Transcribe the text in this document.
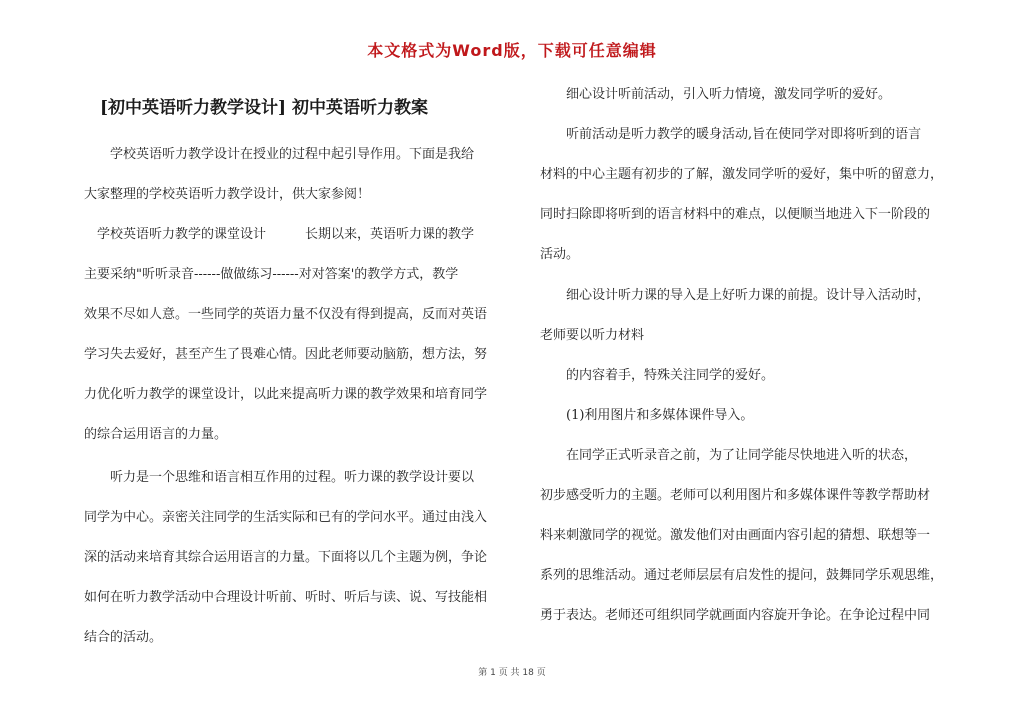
本文格式为Word版，下载可任意编辑
[初中英语听力教学设计] 初中英语听力教案
　　学校英语听力教学设计在授业的过程中起引导作用。下面是我给
大家整理的学校英语听力教学设计，供大家参阅！
　学校英语听力教学的课堂设计　　　长期以来，英语听力课的教学
主要采纳"听听录音------做做练习------对对答案'的教学方式，教学
效果不尽如人意。一些同学的英语力量不仅没有得到提高，反而对英语
学习失去爱好，甚至产生了畏难心情。因此老师要动脑筋，想方法，努
力优化听力教学的课堂设计，以此来提高听力课的教学效果和培育同学
的综合运用语言的力量。
　　听力是一个思维和语言相互作用的过程。听力课的教学设计要以
同学为中心。亲密关注同学的生活实际和已有的学问水平。通过由浅入
深的活动来培育其综合运用语言的力量。下面将以几个主题为例，争论
如何在听力教学活动中合理设计听前、听时、听后与读、说、写技能相
结合的活动。
　　细心设计听前活动，引入听力情境，激发同学听的爱好。
　　听前活动是听力教学的暖身活动,旨在使同学对即将听到的语言
材料的中心主题有初步的了解，激发同学听的爱好，集中听的留意力，
同时扫除即将听到的语言材料中的难点，以便顺当地进入下一阶段的
活动。
　　细心设计听力课的导入是上好听力课的前提。设计导入活动时，
老师要以听力材料
　　的内容着手，特殊关注同学的爱好。
　　(1)利用图片和多媒体课件导入。
　　在同学正式听录音之前，为了让同学能尽快地进入听的状态，
初步感受听力的主题。老师可以利用图片和多媒体课件等教学帮助材
料来刺激同学的视觉。激发他们对由画面内容引起的猜想、联想等一
系列的思维活动。通过老师层层有启发性的提问，鼓舞同学乐观思维，
勇于表达。老师还可组织同学就画面内容旋开争论。在争论过程中同
第 1 页 共 18 页
